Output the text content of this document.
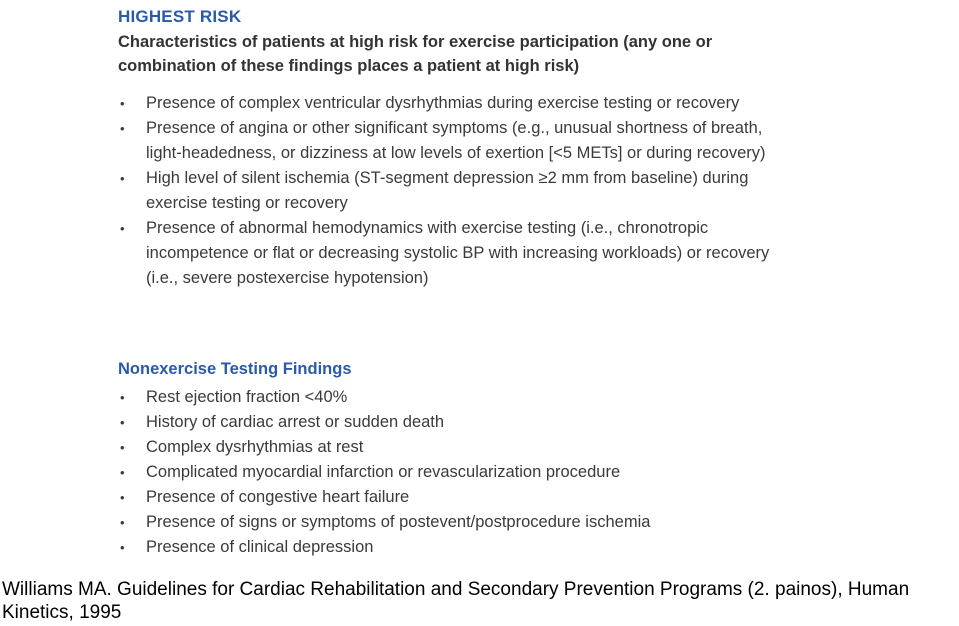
HIGHEST RISK
Characteristics of patients at high risk for exercise participation (any one or combination of these findings places a patient at high risk)
• Presence of complex ventricular dysrhythmias during exercise testing or recovery
• Presence of angina or other significant symptoms (e.g., unusual shortness of breath, light-headedness, or dizziness at low levels of exertion [<5 METs] or during recovery)
• High level of silent ischemia (ST-segment depression ≥2 mm from baseline) during exercise testing or recovery
• Presence of abnormal hemodynamics with exercise testing (i.e., chronotropic incompetence or flat or decreasing systolic BP with increasing workloads) or recovery (i.e., severe postexercise hypotension)
Nonexercise Testing Findings
• Rest ejection fraction <40%
• History of cardiac arrest or sudden death
• Complex dysrhythmias at rest
• Complicated myocardial infarction or revascularization procedure
• Presence of congestive heart failure
• Presence of signs or symptoms of postevent/postprocedure ischemia
• Presence of clinical depression
Williams MA. Guidelines for Cardiac Rehabilitation and Secondary Prevention Programs (2. painos), Human Kinetics, 1995
